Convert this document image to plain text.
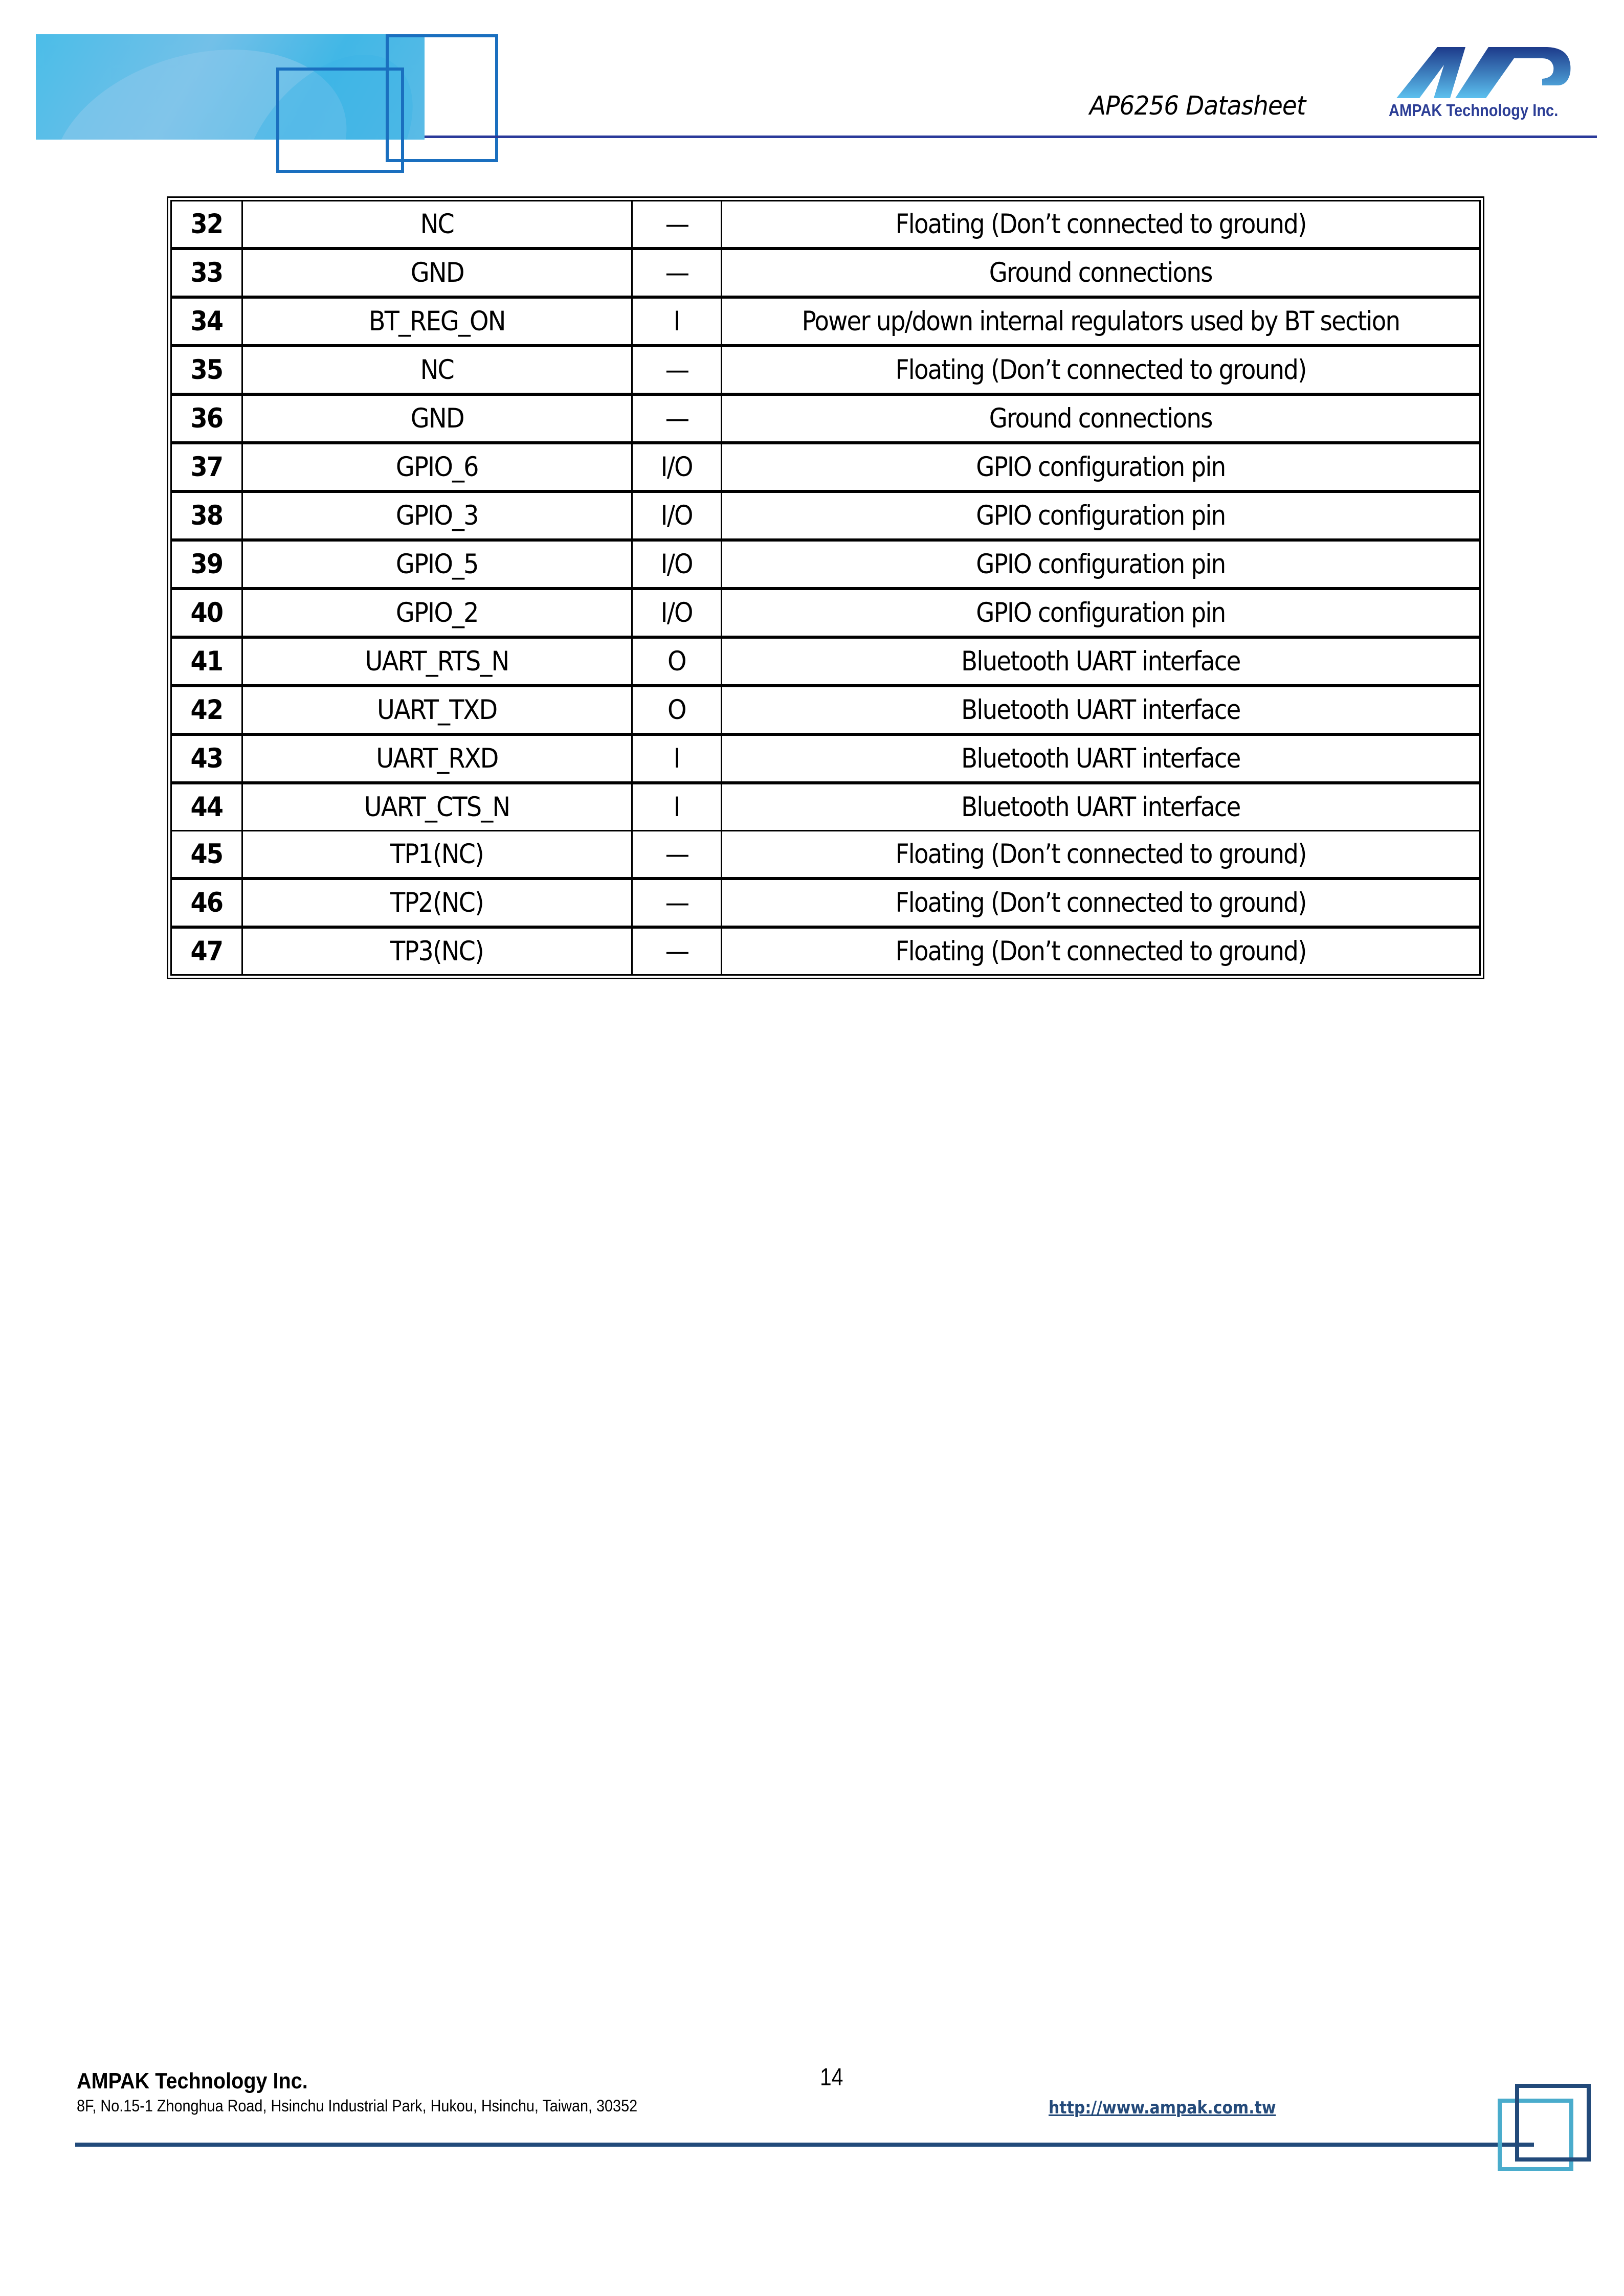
AP6256 Datasheet	AMPAK Technology Inc.
32	NC	—	Floating (Don’t connected to ground)
33	GND	—	Ground connections
34	BT_REG_ON	I	Power up/down internal regulators used by BT section
35	NC	—	Floating (Don’t connected to ground)
36	GND	—	Ground connections
37	GPIO_6	I/O	GPIO configuration pin
38	GPIO_3	I/O	GPIO configuration pin
39	GPIO_5	I/O	GPIO configuration pin
40	GPIO_2	I/O	GPIO configuration pin
41	UART_RTS_N	O	Bluetooth UART interface
42	UART_TXD	O	Bluetooth UART interface
43	UART_RXD	I	Bluetooth UART interface
44	UART_CTS_N	I	Bluetooth UART interface
45	TP1(NC)	—	Floating (Don’t connected to ground)
46	TP2(NC)	—	Floating (Don’t connected to ground)
47	TP3(NC)	—	Floating (Don’t connected to ground)
AMPAK Technology Inc.
8F, No.15-1 Zhonghua Road, Hsinchu Industrial Park, Hukou, Hsinchu, Taiwan, 30352
14
http://www.ampak.com.tw
